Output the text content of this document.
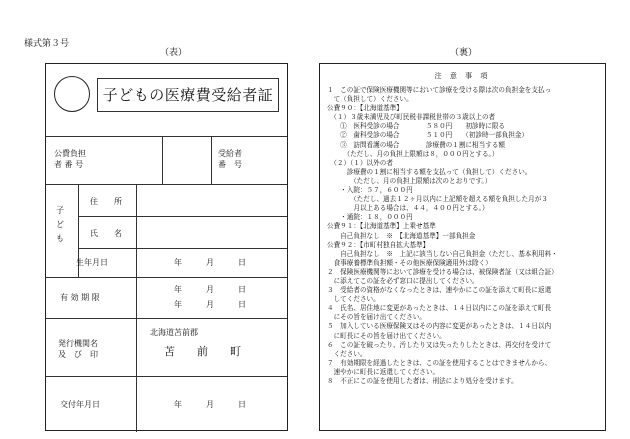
様式第３号
（表）	（裏）
子どもの医療費受給者証
公費負担
者 番 号
受給者
番　号
子　ど　も
住　　所
氏　　名
生年月日	年　　　月　　　日
有 効 期 限
年　　　月　　　日
年　　　月　　　日
発行機関名
及　び　印
北海道苫前郡
苫　　前　　町
交付年月日	年　　　月　　　日
注 意 事 項
１　この証で保険医療機関等において診療を受ける際は次の負担金を支払っ
　て（負担して）ください。
公費９０：【北海道基準】
　（１）３歳未満児及び町民税非課税世帯の３歳以上の者
　　①　医科受診の場合　　　　５８０円　　初診時に限る
　　②　歯科受診の場合　　　　５１０円　　（初診時一部負担金）
　　③　訪問看護の場合　　　　診療費の１割に相当する額
　　　（ただし、月の負担上限額は８，０００円とする。）
　（２）（１）以外の者
　　　診療費の１割に相当する額を支払って（負担して）ください。
　　　　（ただし、月の負担上限額は次のとおりです。）
　　・入院：５７，６００円
　　　　（ただし、過去１２ヶ月以内に上記額を超える額を負担した月が３
　　　　月以上ある場合は、４４，４００円とする。）
　　・通院：１８，０００円
公費９１：【北海道基準】上乗せ基準
　　自己負担なし　※　【北海道基準】一部負担金
公費９２：【市町村独自拡大基準】
　　自己負担なし　※　上記に該当しない自己負担金（ただし、基本利用料・
　食事療養標準負担額・その他医療保険適用外は除く）
２　保険医療機関等において診療を受ける場合は、被保険者証（又は組合証）
　に添えてこの証を必ず窓口に提出してください。
３　受給者の資格がなくなったときは、速やかにこの証を添えて町長に返還
　してください。
４　氏名、居住地に変更があったときは、１４日以内にこの証を添えて町長
　にその旨を届け出てください。
５　加入している医療保険又はその内容に変更があったときは、１４日以内
　に町長にその旨を届け出てください。
６　この証を破ったり、汚したり又は失ったりしたときは、再交付を受けて
　ください。
７　有効期限を経過したときは、この証を使用することはできませんから、
　速やかに町長に返還してください。
８　不正にこの証を使用した者は、刑法により処分を受けます。
